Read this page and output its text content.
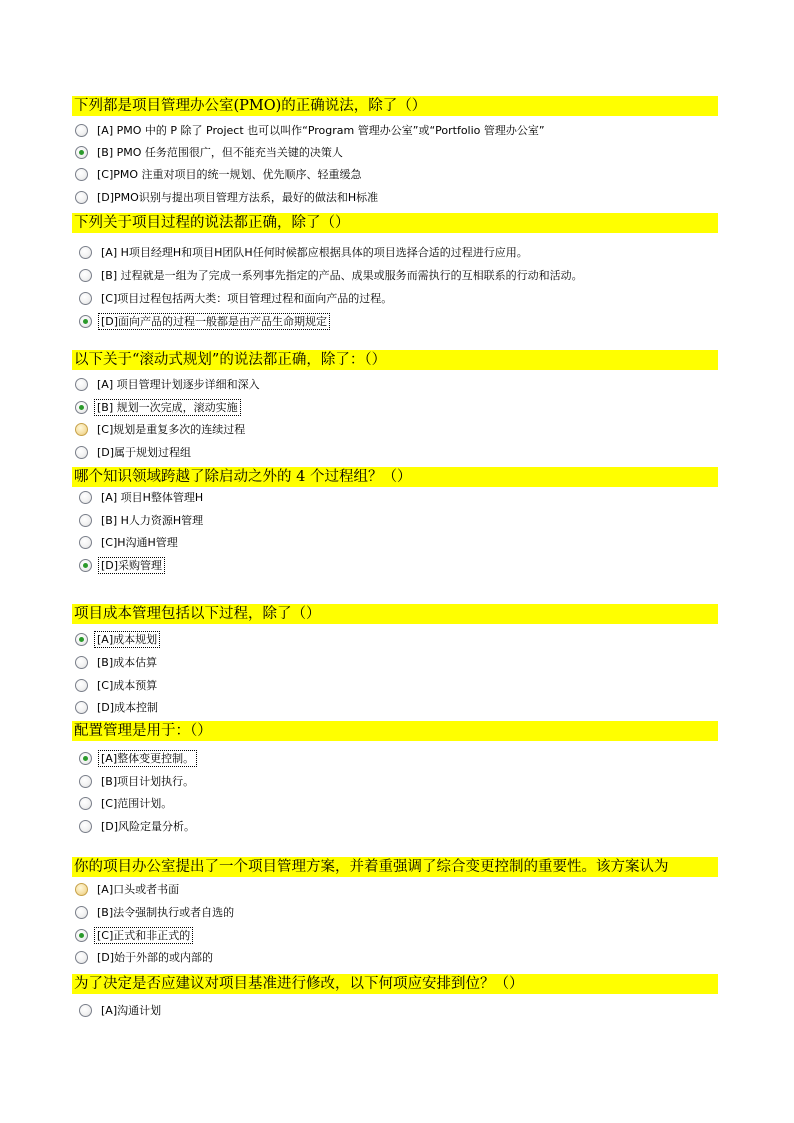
下列都是项目管理办公室(PMO)的正确说法，除了（）
[A] PMO 中的 P 除了 Project 也可以叫作“Program 管理办公室”或“Portfolio 管理办公室”
[B] PMO 任务范围很广，但不能充当关键的决策人
[C]PMO 注重对项目的统一规划、优先顺序、轻重缓急
[D]PMO识别与提出项目管理方法系，最好的做法和H标准
下列关于项目过程的说法都正确，除了（）
[A] H项目经理H和项目H团队H任何时候都应根据具体的项目选择合适的过程进行应用。
[B] 过程就是一组为了完成一系列事先指定的产品、成果或服务而需执行的互相联系的行动和活动。
[C]项目过程包括两大类：项目管理过程和面向产品的过程。
[D]面向产品的过程一般都是由产品生命期规定
以下关于“滚动式规划”的说法都正确，除了：（）
[A] 项目管理计划逐步详细和深入
[B] 规划一次完成，滚动实施
[C]规划是重复多次的连续过程
[D]属于规划过程组
哪个知识领域跨越了除启动之外的 4 个过程组？（）
[A] 项目H整体管理H
[B] H人力资源H管理
[C]H沟通H管理
[D]采购管理
项目成本管理包括以下过程，除了（）
[A]成本规划
[B]成本估算
[C]成本预算
[D]成本控制
配置管理是用于：（）
[A]整体变更控制。
[B]项目计划执行。
[C]范围计划。
[D]风险定量分析。
你的项目办公室提出了一个项目管理方案，并着重强调了综合变更控制的重要性。该方案认为
[A]口头或者书面
[B]法令强制执行或者自选的
[C]正式和非正式的
[D]始于外部的或内部的
为了决定是否应建议对项目基准进行修改，以下何项应安排到位？（）
[A]沟通计划
